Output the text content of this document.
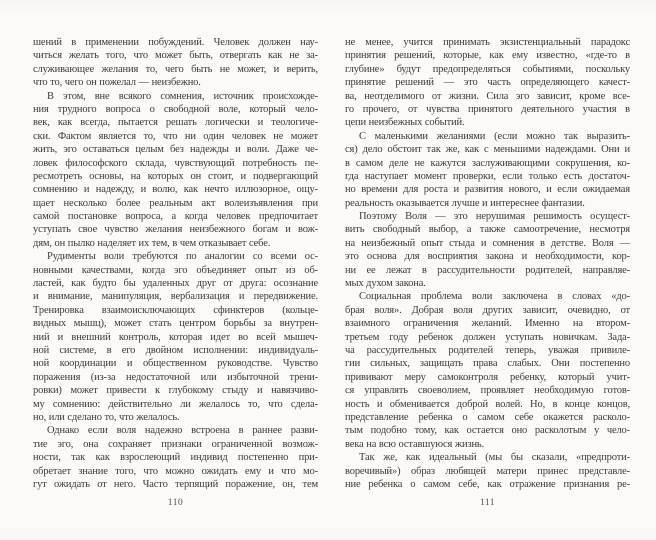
шений в применении побуждений. Человек должен нау-
читься желать того, что может быть, отвергать как не за-
служивающее желания то, чего быть не может, и верить,
что то, чего он пожелал — неизбежно.
В этом, вне всякого сомнения, источник происхожде-
ния трудного вопроса о свободной воле, который чело-
век, как всегда, пытается решать логически и теологиче-
ски. Фактом является то, что ни один человек не может
жить, эго оставаться целым без надежды и воли. Даже че-
ловек философского склада, чувствующий потребность пе-
ресмотреть основы, на которых он стоит, и подвергающий
сомнению и надежду, и волю, как нечто иллюзорное, ощу-
щает несколько более реальным акт волеизъявления при
самой постановке вопроса, а когда человек предпочитает
уступать свое чувство желания неизбежного богам и вож-
дям, он пылко наделяет их тем, в чем отказывает себе.
Рудименты воли требуются по аналогии со всеми ос-
новными качествами, когда эго объединяет опыт из об-
ластей, как будто бы удаленных друг от друга: осознание
и внимание, манипуляция, вербализация и передвижение.
Тренировка взаимоисключающих сфинктеров (кольце-
видных мышц), может стать центром борьбы за внутрен-
ний и внешний контроль, которая идет во всей мышеч-
ной системе, в его двойном исполнении: индивидуаль-
ной координации и общественном руководстве. Чувство
поражения (из-за недостаточной или избыточной трени-
ровки) может привести к глубокому стыду и навязчиво-
му сомнению: действительно ли желалось то, что сдела-
но, или сделано то, что желалось.
Однако если воля надежно встроена в раннее разви-
тие эго, она сохраняет признаки ограниченной возмож-
ности, так как взрослеющий индивид постепенно при-
обретает знание того, что можно ожидать ему и что мо-
гут ожидать от него. Часто терпящий поражение, он, тем
110
не менее, учится принимать экзистенциальный парадокс
принятия решений, которые, как ему известно, «где-то в
глубине» будут предопределяться событиями, поскольку
принятие решений — это часть определяющего качест-
ва, неотделимого от жизни. Сила эго зависит, кроме все-
го прочего, от чувства принятого деятельного участия в
цепи неизбежных событий.
С маленькими желаниями (если можно так выразить-
ся) дело обстоит так же, как с меньшими надеждами. Они и
в самом деле не кажутся заслуживающими сокрушения, ко-
гда наступает момент проверки, если только есть достаточ-
но времени для роста и развития нового, и если ожидаемая
реальность оказывается лучше и интереснее фантазии.
Поэтому Воля — это нерушимая решимость осущест-
вить свободный выбор, а также самоотречение, несмотря
на неизбежный опыт стыда и сомнения в детстве. Воля —
это основа для восприятия закона и необходимости, кор-
ни ее лежат в рассудительности родителей, направляе-
мых духом закона.
Социальная проблема воли заключена в словах «до-
брая воля». Добрая воля других зависит, очевидно, от
взаимного ограничения желаний. Именно на втором-
третьем году ребенок должен уступать новичкам. Зада-
ча рассудительных родителей теперь, уважая привиле-
гии сильных, защищать права слабых. Они постепенно
прививают меру самоконтроля ребенку, который учит-
ся управлять своеволием, проявляет необходимую готов-
ность и обменивается доброй волей. Но, в конце концов,
представление ребенка о самом себе окажется расколо-
тым подобно тому, как остается оно расколотым у чело-
века на всю оставшуюся жизнь.
Так же, как идеальный (мы бы сказали, «предпроти-
воречивый») образ любящей матери принес представле-
ние ребенка о самом себе, как отражение признания ре-
111
